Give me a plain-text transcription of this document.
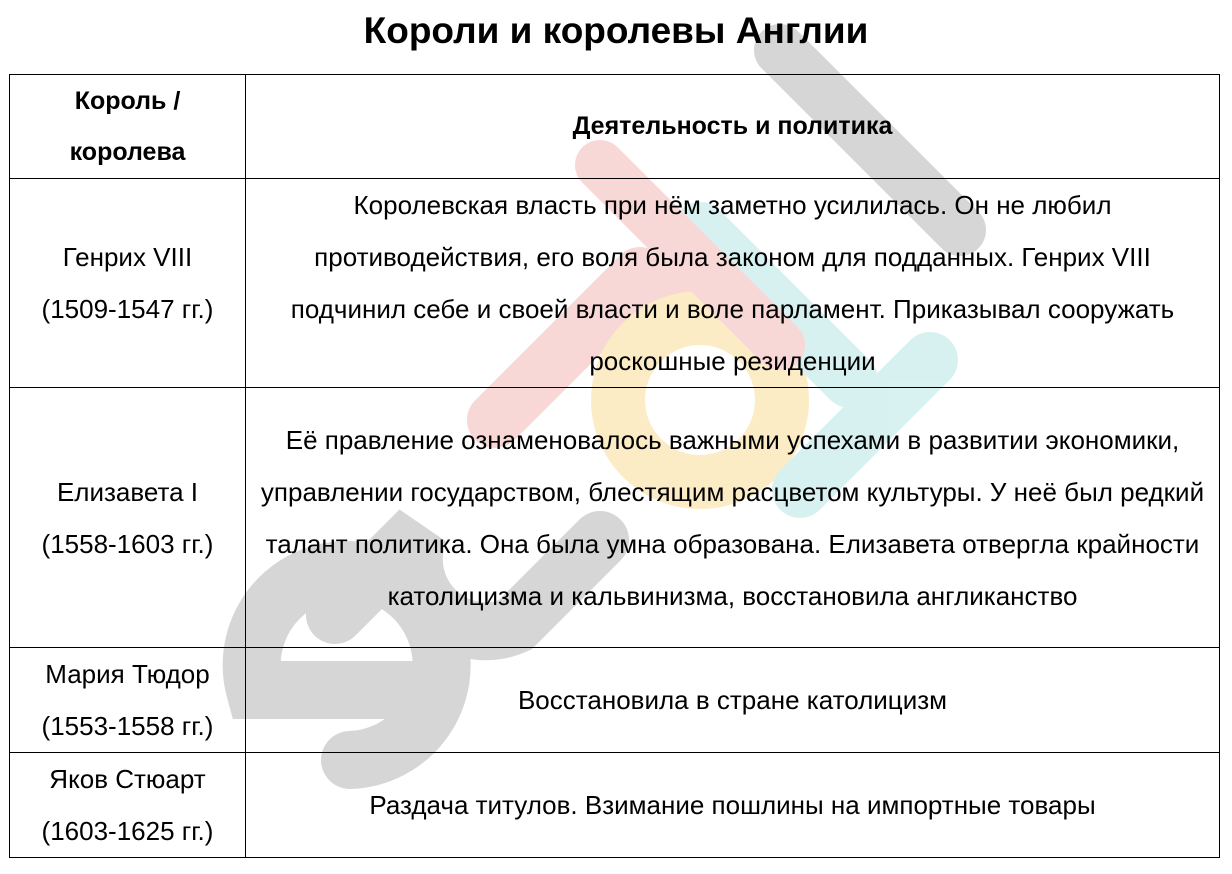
Короли и королевы Англии
Король / королева	Деятельность и политика

Генрих VIII
(1509-1547 гг.)	Королевская власть при нём заметно усилилась. Он не любил противодействия, его воля была законом для подданных. Генрих VIII подчинил себе и своей власти и воле парламент. Приказывал сооружать роскошные резиденции

Елизавета I
(1558-1603 гг.)	Её правление ознаменовалось важными успехами в развитии экономики, управлении государством, блестящим расцветом культуры. У неё был редкий талант политика. Она была умна образована. Елизавета отвергла крайности католицизма и кальвинизма, восстановила англиканство

Мария Тюдор
(1553-1558 гг.)	Восстановила в стране католицизм

Яков Стюарт
(1603-1625 гг.)	Раздача титулов. Взимание пошлины на импортные товары
